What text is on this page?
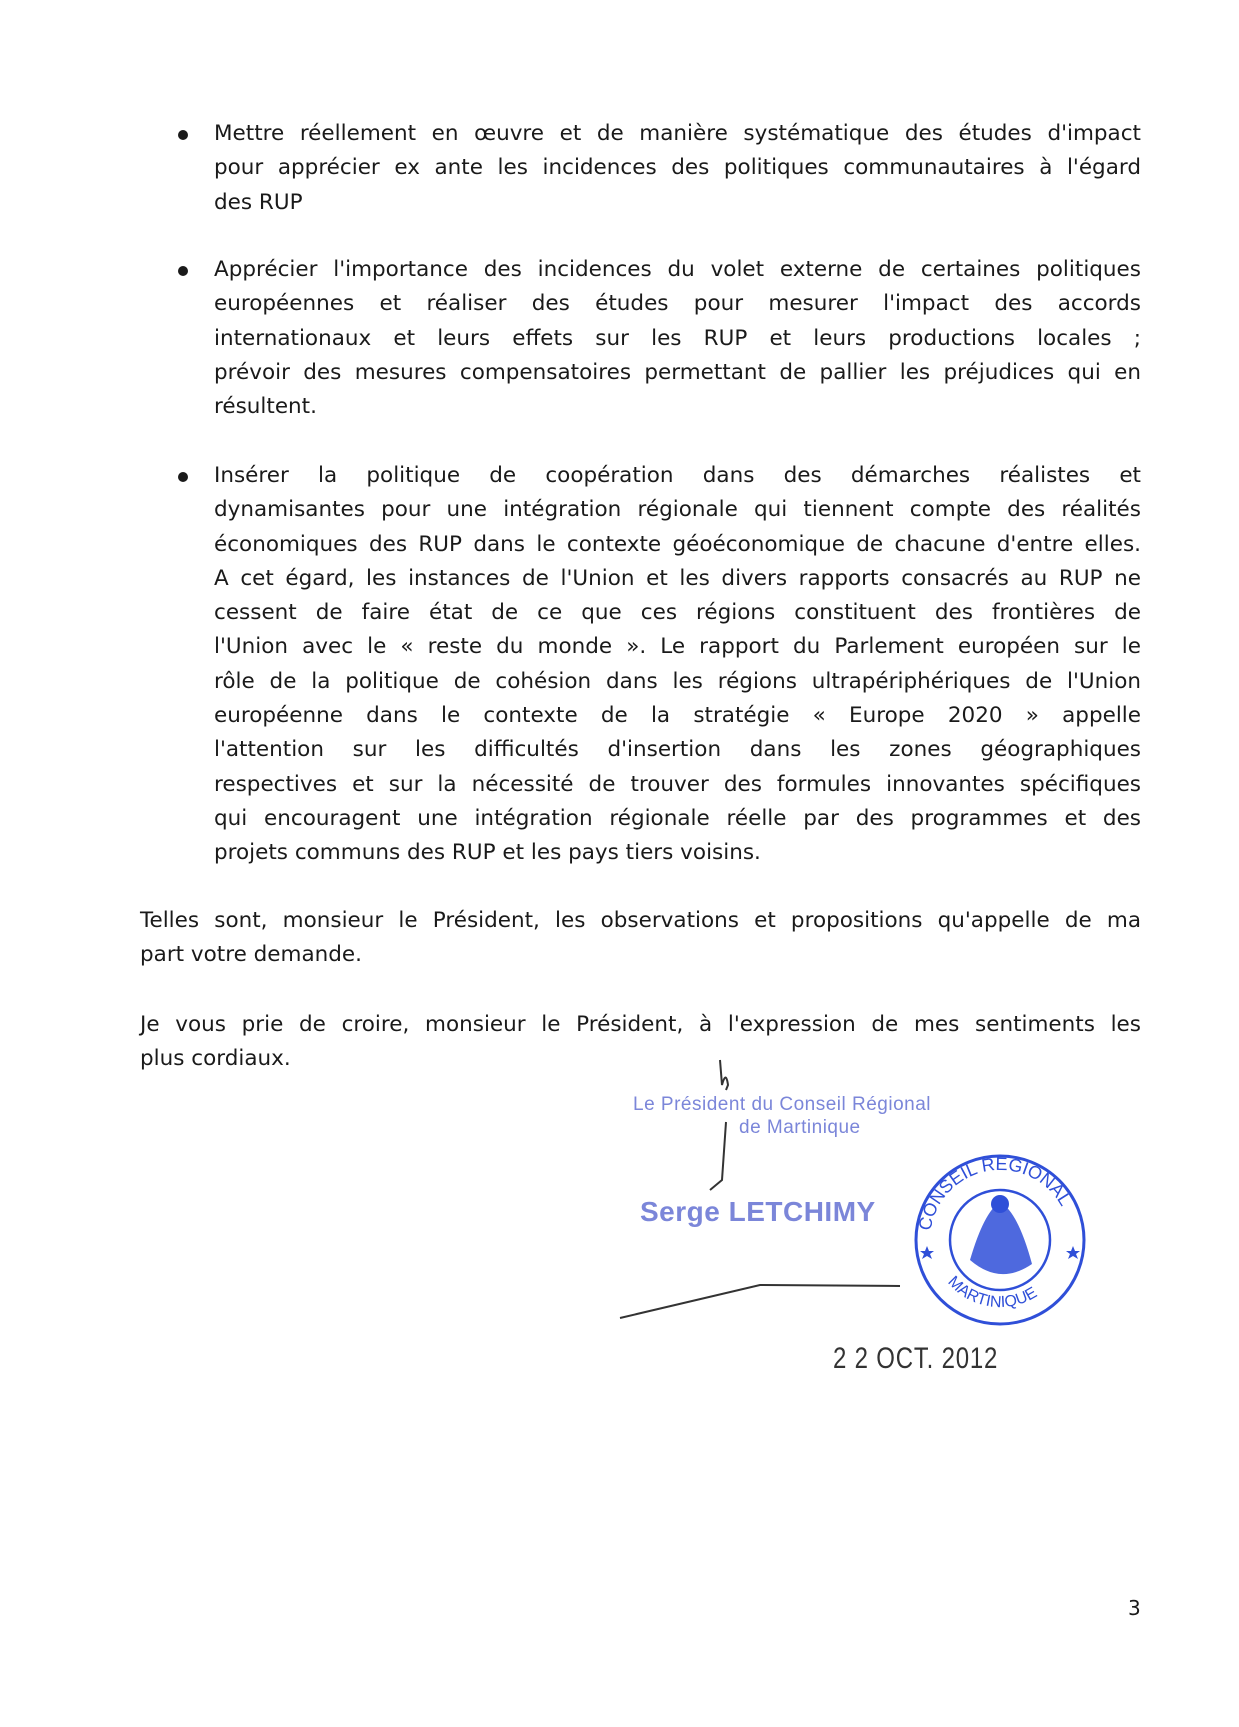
Mettre réellement en œuvre et de manière systématique des études d'impact
pour apprécier ex ante les incidences des politiques communautaires à l'égard
des RUP
Apprécier l'importance des incidences du volet externe de certaines politiques
européennes et réaliser des études pour mesurer l'impact des accords
internationaux et leurs effets sur les RUP et leurs productions locales ;
prévoir des mesures compensatoires permettant de pallier les préjudices qui en
résultent.
Insérer la politique de coopération dans des démarches réalistes et
dynamisantes pour une intégration régionale qui tiennent compte des réalités
économiques des RUP dans le contexte géoéconomique de chacune d'entre elles.
A cet égard, les instances de l'Union et les divers rapports consacrés au RUP ne
cessent de faire état de ce que ces régions constituent des frontières de
l'Union avec le « reste du monde ». Le rapport du Parlement européen sur le
rôle de la politique de cohésion dans les régions ultrapériphériques de l'Union
européenne dans le contexte de la stratégie « Europe 2020 » appelle
l'attention sur les difficultés d'insertion dans les zones géographiques
respectives et sur la nécessité de trouver des formules innovantes spécifiques
qui encouragent une intégration régionale réelle par des programmes et des
projets communs des RUP et les pays tiers voisins.
Telles sont, monsieur le Président, les observations et propositions qu'appelle de ma
part votre demande.
Je vous prie de croire, monsieur le Président, à l'expression de mes sentiments les
plus cordiaux.
Le Président du Conseil Régional
de Martinique
Serge LETCHIMY CONSEIL REGIONAL
MARTINIQUE
2 2 OCT. 2012
3
